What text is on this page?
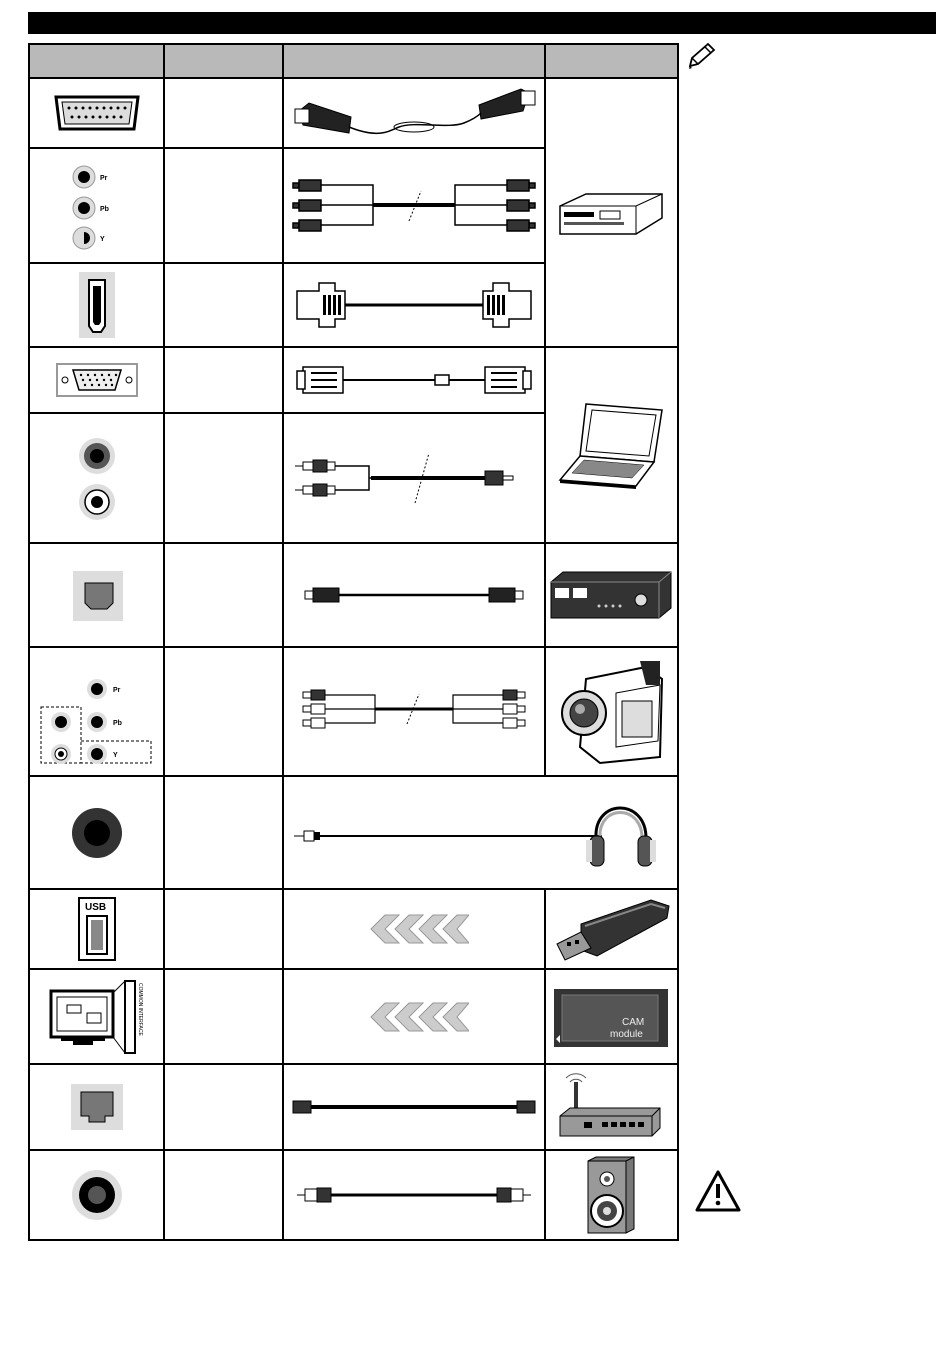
Pr
Pb
Y

Pr
Pb
Y

USB

COMMON INTERFACE			CAM
module
